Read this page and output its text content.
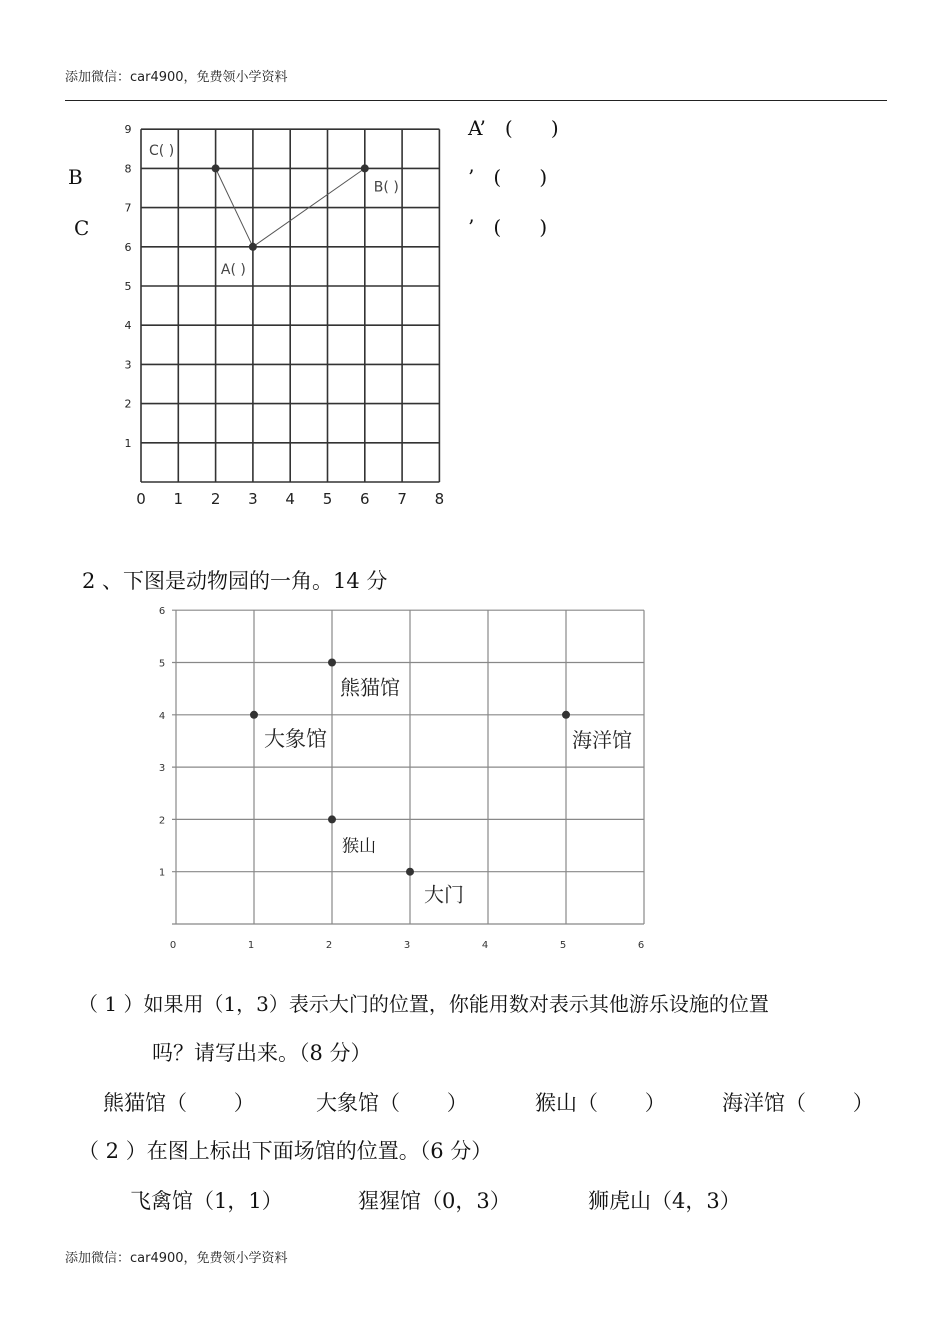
添加微信：car4900，免费领小学资料
B
C
0 1 2 3 4 5 6 7 8
1
2
3
4
5
6
7
8
9
A( )
B( )
C( )
A’   (      )
’   (      )
’   (      )
2 、下图是动物园的一角。14 分
0	1	2	3	4	5	6
1
2
3
4
5
6
熊猫馆
大象馆	海洋馆
猴山
大门
（ 1 ）如果用（1，3）表示大门的位置，你能用数对表示其他游乐设施的位置
吗？请写出来。（8 分）
熊猫馆（       ）	大象馆（       ）	猴山（       ）	海洋馆（       ）
（ 2 ）在图上标出下面场馆的位置。（6 分）
飞禽馆（1，1）	猩猩馆（0，3）	狮虎山（4，3）
添加微信：car4900，免费领小学资料
